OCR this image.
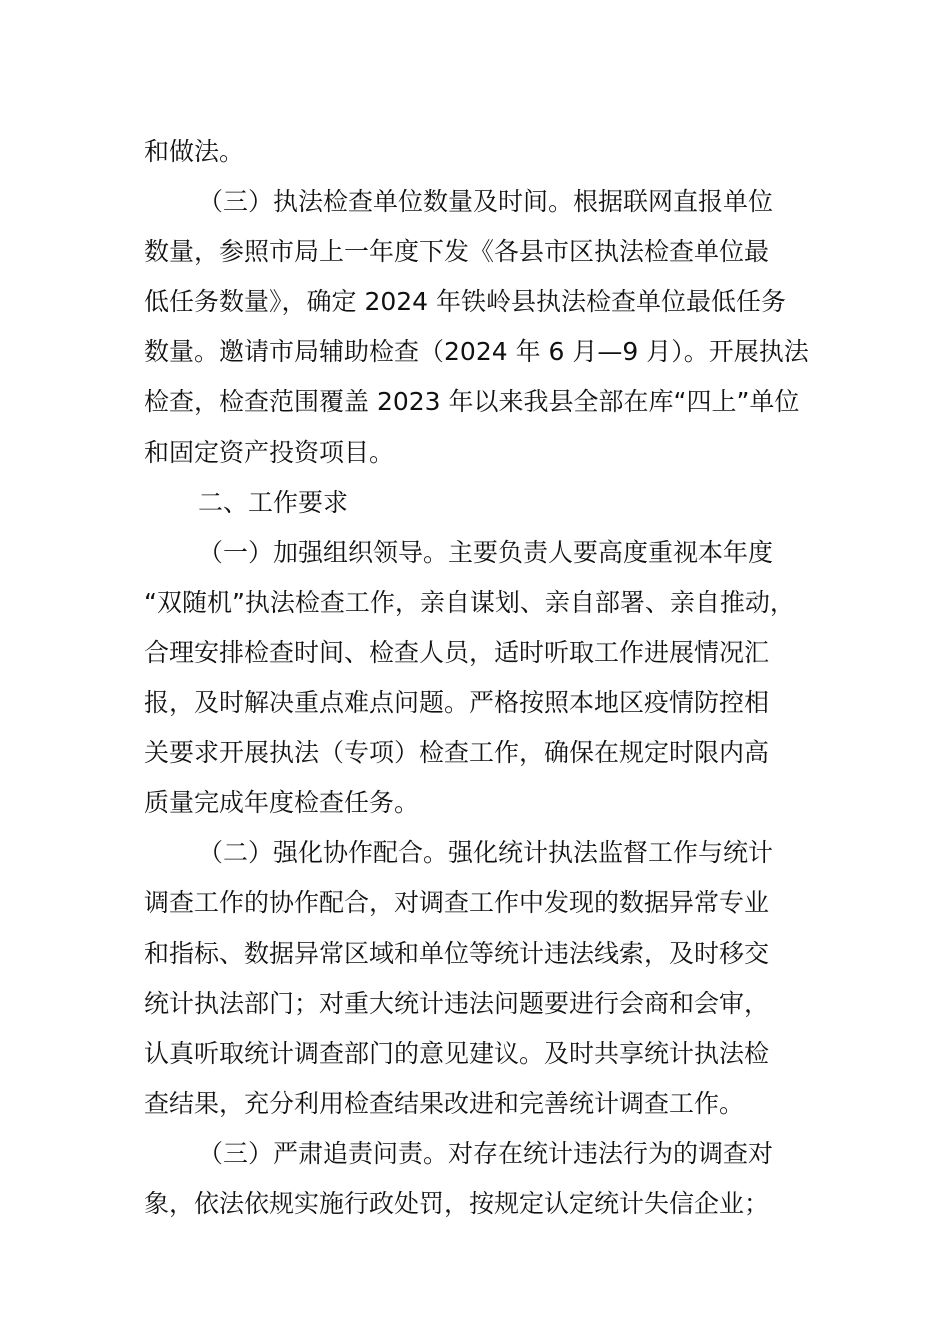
和做法。

（三）执法检查单位数量及时间。根据联网直报单位
数量，参照市局上一年度下发《各县市区执法检查单位最
低任务数量》，确定 2024 年铁岭县执法检查单位最低任务
数量。邀请市局辅助检查（2024 年 6 月—9 月）。开展执法
检查，检查范围覆盖 2023 年以来我县全部在库“四上”单位
和固定资产投资项目。

二、工作要求

（一）加强组织领导。主要负责人要高度重视本年度
“双随机”执法检查工作，亲自谋划、亲自部署、亲自推动，
合理安排检查时间、检查人员，适时听取工作进展情况汇
报，及时解决重点难点问题。严格按照本地区疫情防控相
关要求开展执法（专项）检查工作，确保在规定时限内高
质量完成年度检查任务。

（二）强化协作配合。强化统计执法监督工作与统计
调查工作的协作配合，对调查工作中发现的数据异常专业
和指标、数据异常区域和单位等统计违法线索，及时移交
统计执法部门；对重大统计违法问题要进行会商和会审，
认真听取统计调查部门的意见建议。及时共享统计执法检
查结果，充分利用检查结果改进和完善统计调查工作。

（三）严肃追责问责。对存在统计违法行为的调查对
象，依法依规实施行政处罚，按规定认定统计失信企业；
